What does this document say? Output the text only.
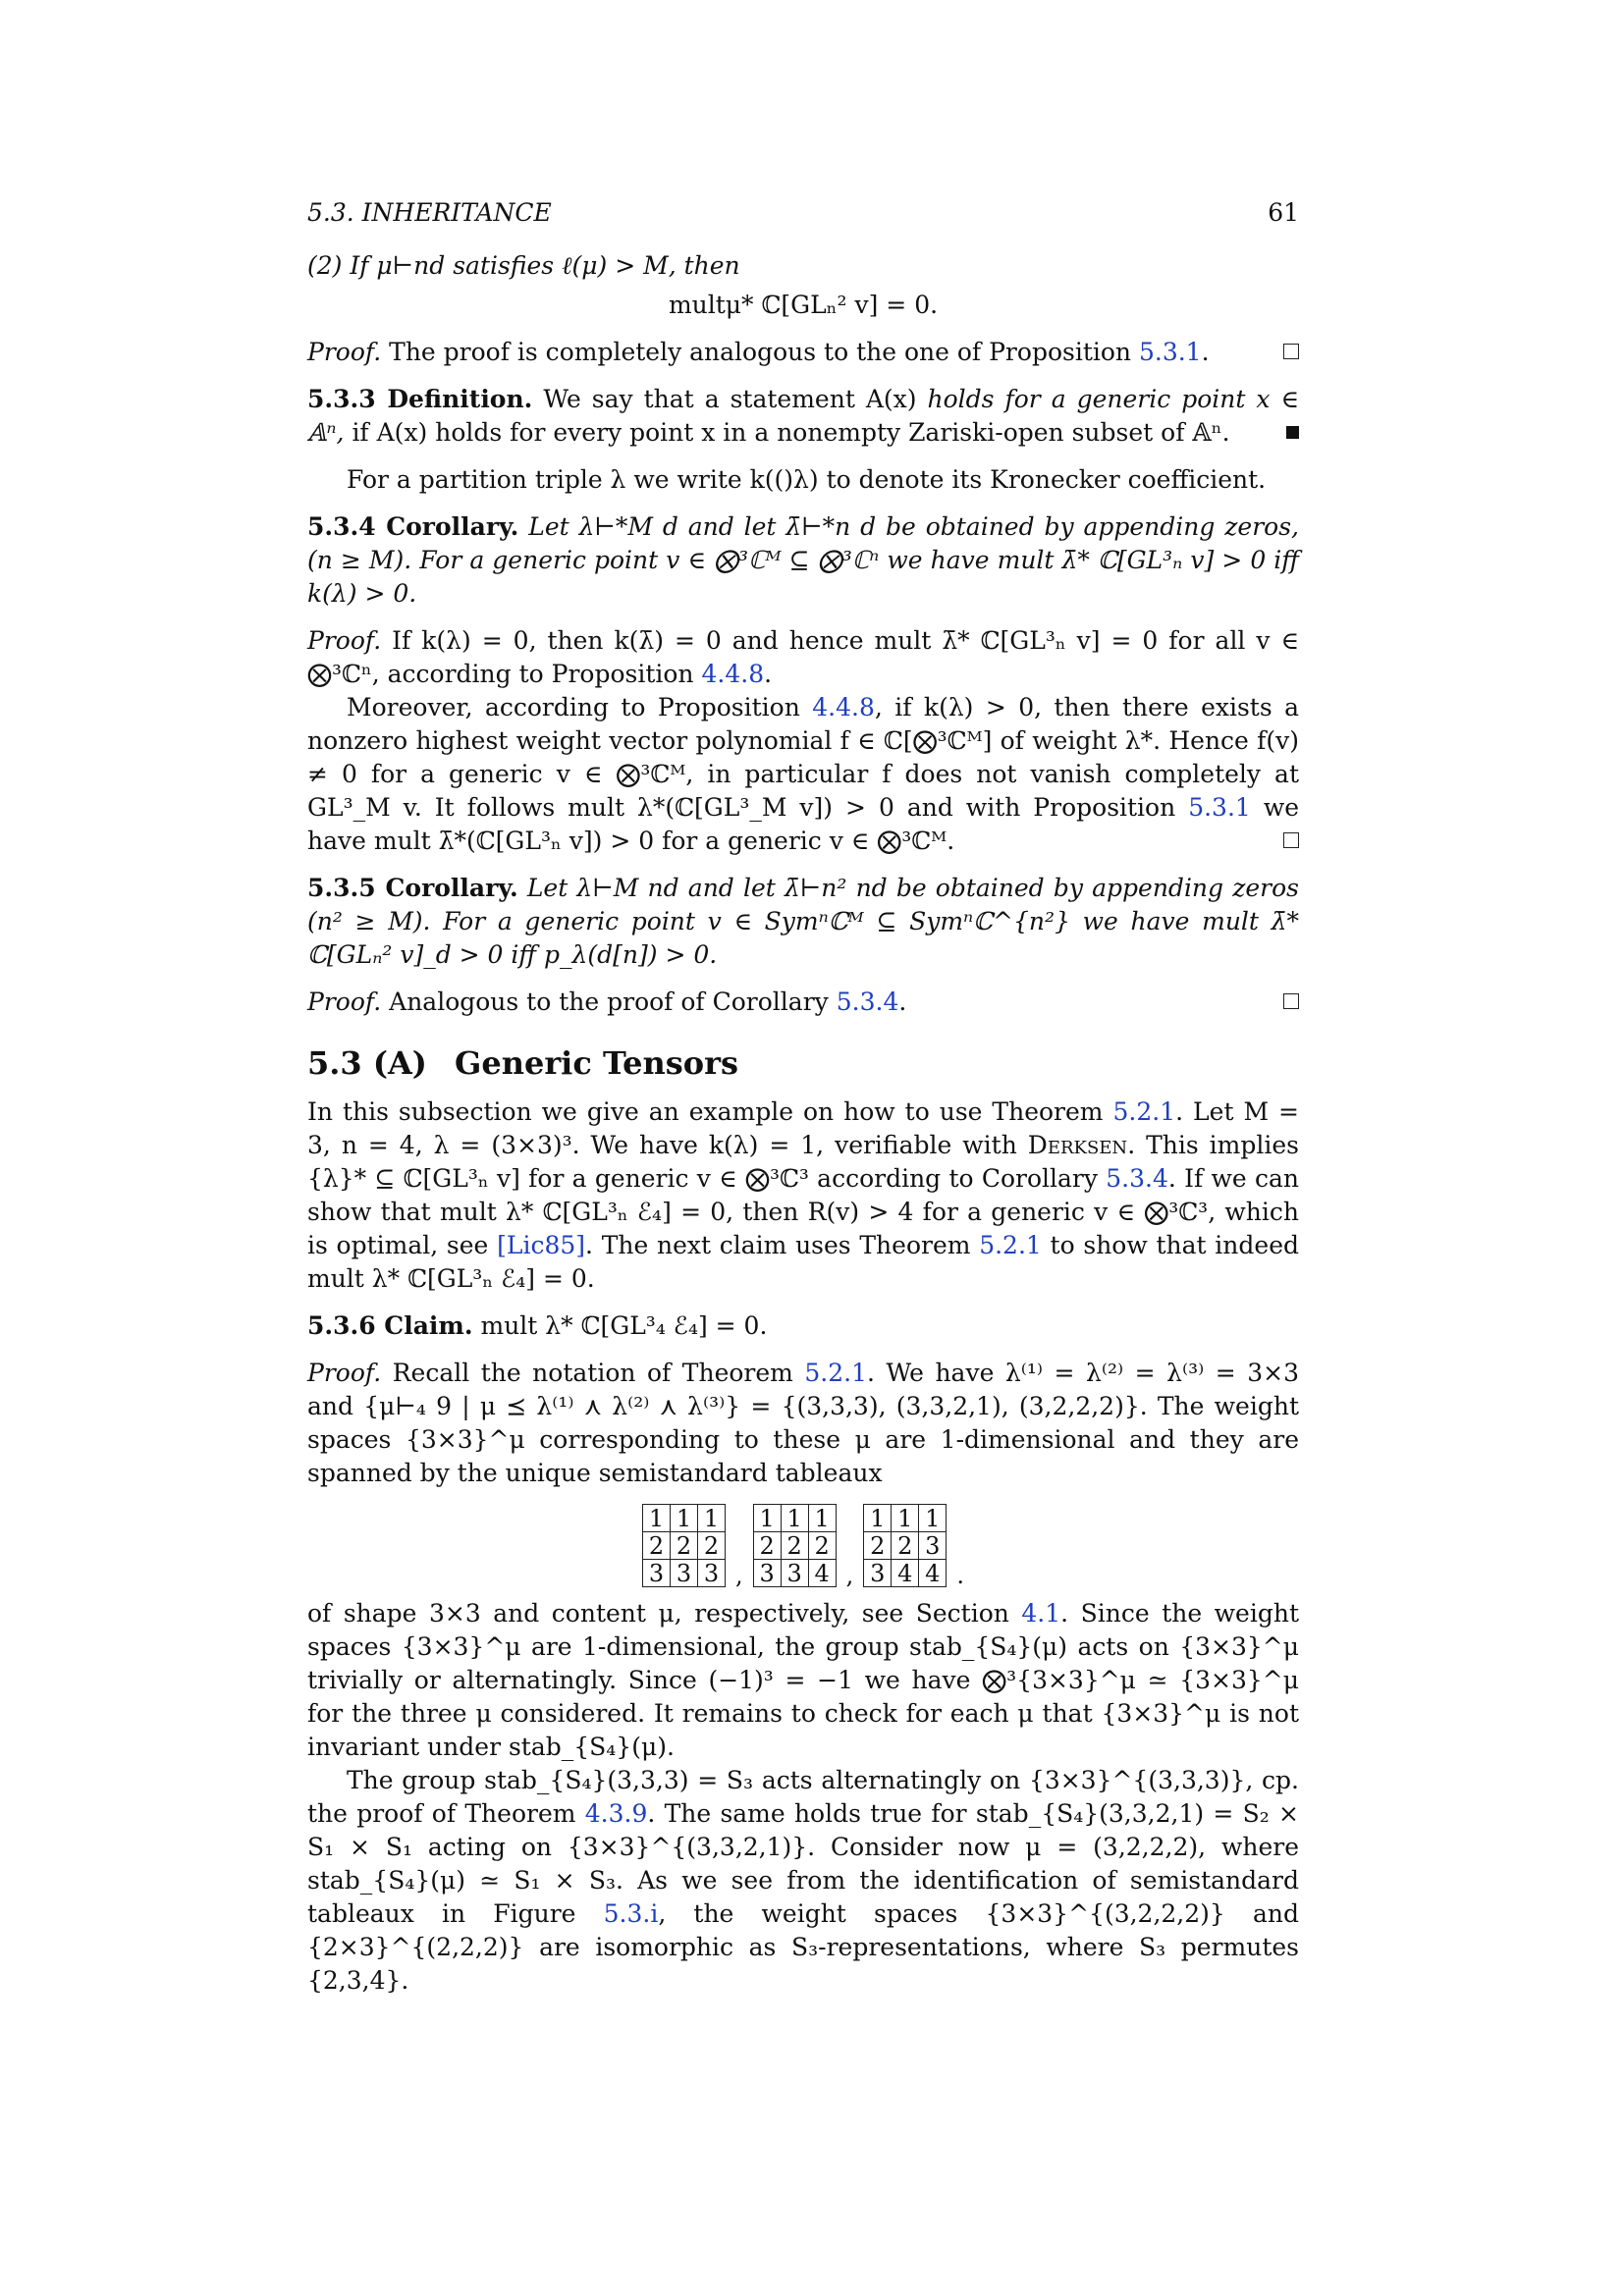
5.3. INHERITANCE	61

(2) If μ⊢nd satisfies ℓ(μ) > M, then

multμ* ℂ[GLₙ² v] = 0.

Proof. The proof is completely analogous to the one of Proposition 5.3.1.

5.3.3 Definition. We say that a statement A(x) holds for a generic point x ∈ 𝔸ⁿ, if A(x) holds for every point x in a nonempty Zariski-open subset of 𝔸ⁿ.

For a partition triple λ we write k(()λ) to denote its Kronecker coefficient.

5.3.4 Corollary. Let λ⊢*M d and let λ̄⊢*n d be obtained by appending zeros, (n ≥ M). For a generic point v ∈ ⨂³ℂᴹ ⊆ ⨂³ℂⁿ we have mult λ̄* ℂ[GL³ₙ v] > 0 iff k(λ) > 0.

Proof. If k(λ) = 0, then k(λ̄) = 0 and hence mult λ̄* ℂ[GL³ₙ v] = 0 for all v ∈ ⨂³ℂⁿ, according to Proposition 4.4.8.

Moreover, according to Proposition 4.4.8, if k(λ) > 0, then there exists a nonzero highest weight vector polynomial f ∈ ℂ[⨂³ℂᴹ] of weight λ*. Hence f(v) ≠ 0 for a generic v ∈ ⨂³ℂᴹ, in particular f does not vanish completely at GL³_M v. It follows mult λ*(ℂ[GL³_M v]) > 0 and with Proposition 5.3.1 we have mult λ̄*(ℂ[GL³ₙ v]) > 0 for a generic v ∈ ⨂³ℂᴹ.

5.3.5 Corollary. Let λ⊢M nd and let λ̄⊢n² nd be obtained by appending zeros (n² ≥ M). For a generic point v ∈ Symⁿℂᴹ ⊆ Symⁿℂ^{n²} we have mult λ̄* ℂ[GLₙ² v]_d > 0 iff p_λ(d[n]) > 0.

Proof. Analogous to the proof of Corollary 5.3.4.

5.3 (A) Generic Tensors

In this subsection we give an example on how to use Theorem 5.2.1. Let M = 3, n = 4, λ = (3×3)³. We have k(λ) = 1, verifiable with Derksen. This implies {λ}* ⊆ ℂ[GL³ₙ v] for a generic v ∈ ⨂³ℂ³ according to Corollary 5.3.4. If we can show that mult λ* ℂ[GL³ₙ ℰ₄] = 0, then R(v) > 4 for a generic v ∈ ⨂³ℂ³, which is optimal, see [Lic85]. The next claim uses Theorem 5.2.1 to show that indeed mult λ* ℂ[GL³ₙ ℰ₄] = 0.

5.3.6 Claim. mult λ* ℂ[GL³₄ ℰ₄] = 0.

Proof. Recall the notation of Theorem 5.2.1. We have λ⁽¹⁾ = λ⁽²⁾ = λ⁽³⁾ = 3×3 and {μ⊢₄ 9 | μ ⪯ λ⁽¹⁾ ⋏ λ⁽²⁾ ⋏ λ⁽³⁾} = {(3,3,3), (3,3,2,1), (3,2,2,2)}. The weight spaces {3×3}^μ corresponding to these μ are 1-dimensional and they are spanned by the unique semistandard tableaux

1 1 1
2 2 2
3 3 3 ,
1 1 1
2 2 2
3 3 4 ,
1 1 1
2 2 3
3 4 4 .

of shape 3×3 and content μ, respectively, see Section 4.1. Since the weight spaces {3×3}^μ are 1-dimensional, the group stab_{S₄}(μ) acts on {3×3}^μ trivially or alternatingly. Since (−1)³ = −1 we have ⨂³{3×3}^μ ≃ {3×3}^μ for the three μ considered. It remains to check for each μ that {3×3}^μ is not invariant under stab_{S₄}(μ).

The group stab_{S₄}(3,3,3) = S₃ acts alternatingly on {3×3}^{(3,3,3)}, cp. the proof of Theorem 4.3.9. The same holds true for stab_{S₄}(3,3,2,1) = S₂ × S₁ × S₁ acting on {3×3}^{(3,3,2,1)}. Consider now μ = (3,2,2,2), where stab_{S₄}(μ) ≃ S₁ × S₃. As we see from the identification of semistandard tableaux in Figure 5.3.i, the weight spaces {3×3}^{(3,2,2,2)} and {2×3}^{(2,2,2)} are isomorphic as S₃-representations, where S₃ permutes {2,3,4}.
